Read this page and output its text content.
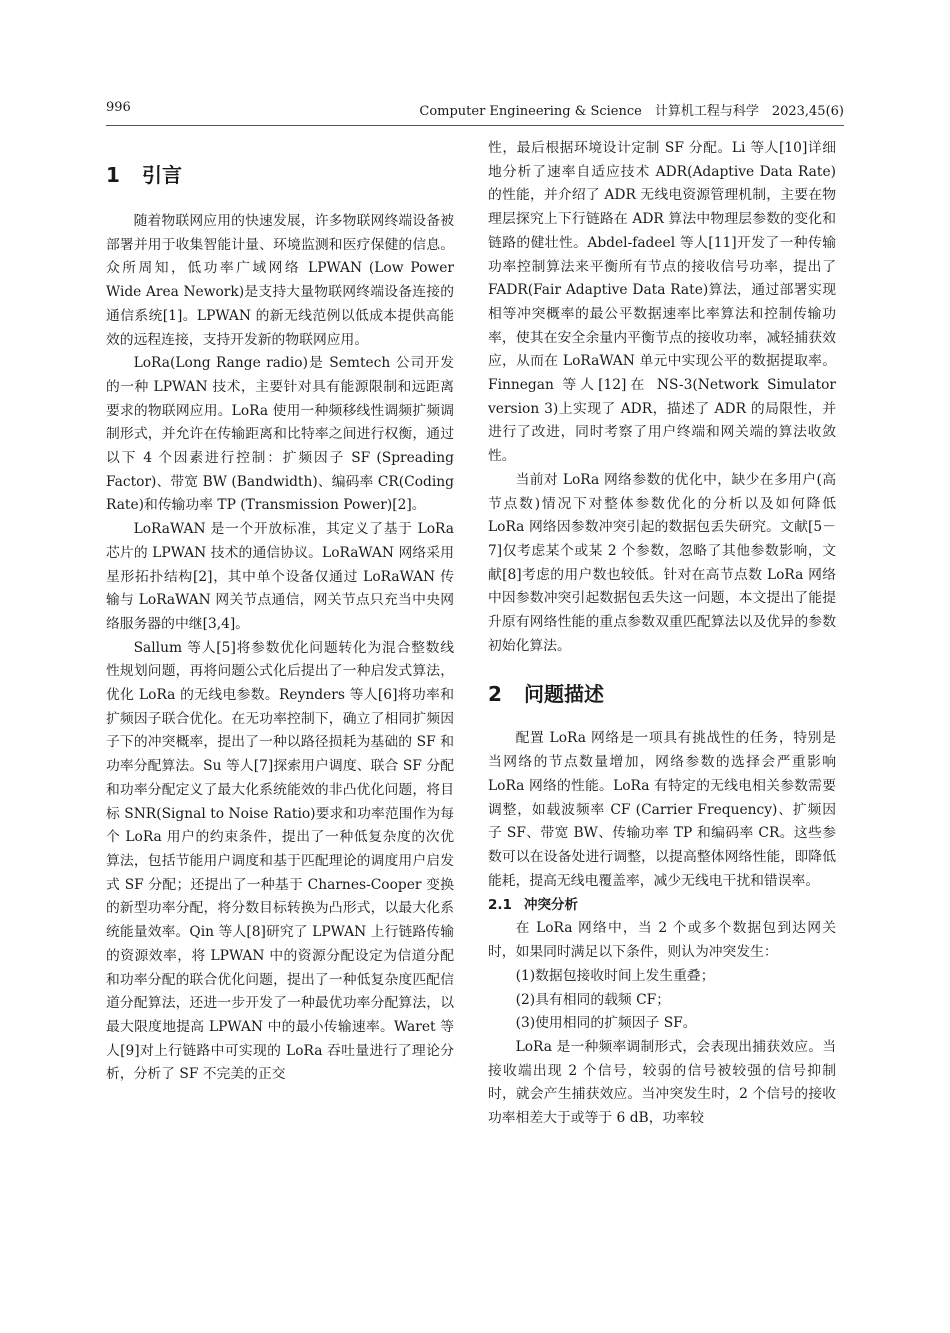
996	Computer Engineering & Science　计算机工程与科学　2023,45(6)
1 引言

随着物联网应用的快速发展，许多物联网终端设备被部署并用于收集智能计量、环境监测和医疗保健的信息。众所周知，低功率广域网络 LPWAN (Low Power Wide Area Nework)是支持大量物联网终端设备连接的通信系统[1]。LPWAN 的新无线范例以低成本提供高能效的远程连接，支持开发新的物联网应用。

LoRa(Long Range radio)是 Semtech 公司开发的一种 LPWAN 技术，主要针对具有能源限制和远距离要求的物联网应用。LoRa 使用一种频移线性调频扩频调制形式，并允许在传输距离和比特率之间进行权衡，通过以下 4 个因素进行控制：扩频因子 SF (Spreading Factor)、带宽 BW (Bandwidth)、编码率 CR(Coding Rate)和传输功率 TP (Transmission Power)[2]。

LoRaWAN 是一个开放标准，其定义了基于 LoRa 芯片的 LPWAN 技术的通信协议。LoRaWAN 网络采用星形拓扑结构[2]，其中单个设备仅通过 LoRaWAN 传输与 LoRaWAN 网关节点通信，网关节点只充当中央网络服务器的中继[3,4]。

Sallum 等人[5]将参数优化问题转化为混合整数线性规划问题，再将问题公式化后提出了一种启发式算法，优化 LoRa 的无线电参数。Reynders 等人[6]将功率和扩频因子联合优化。在无功率控制下，确立了相同扩频因子下的冲突概率，提出了一种以路径损耗为基础的 SF 和功率分配算法。Su 等人[7]探索用户调度、联合 SF 分配和功率分配定义了最大化系统能效的非凸优化问题，将目标 SNR(Signal to Noise Ratio)要求和功率范围作为每个 LoRa 用户的约束条件，提出了一种低复杂度的次优算法，包括节能用户调度和基于匹配理论的调度用户启发式 SF 分配；还提出了一种基于 Charnes-Cooper 变换的新型功率分配，将分数目标转换为凸形式，以最大化系统能量效率。Qin 等人[8]研究了 LPWAN 上行链路传输的资源效率，将 LPWAN 中的资源分配设定为信道分配和功率分配的联合优化问题，提出了一种低复杂度匹配信道分配算法，还进一步开发了一种最优功率分配算法，以最大限度地提高 LPWAN 中的最小传输速率。Waret 等人[9]对上行链路中可实现的 LoRa 吞吐量进行了理论分析，分析了 SF 不完美的正交

性，最后根据环境设计定制 SF 分配。Li 等人[10]详细地分析了速率自适应技术 ADR(Adaptive Data Rate)的性能，并介绍了 ADR 无线电资源管理机制，主要在物理层探究上下行链路在 ADR 算法中物理层参数的变化和链路的健壮性。Abdel-fadeel 等人[11]开发了一种传输功率控制算法来平衡所有节点的接收信号功率，提出了 FADR(Fair Adaptive Data Rate)算法，通过部署实现相等冲突概率的最公平数据速率比率算法和控制传输功率，使其在安全余量内平衡节点的接收功率，减轻捕获效应，从而在 LoRaWAN 单元中实现公平的数据提取率。Finnegan 等人[12]在 NS-3(Network Simulator version 3)上实现了 ADR，描述了 ADR 的局限性，并进行了改进，同时考察了用户终端和网关端的算法收敛性。

当前对 LoRa 网络参数的优化中，缺少在多用户(高节点数)情况下对整体参数优化的分析以及如何降低 LoRa 网络因参数冲突引起的数据包丢失研究。文献[5－7]仅考虑某个或某 2 个参数，忽略了其他参数影响，文献[8]考虑的用户数也较低。针对在高节点数 LoRa 网络中因参数冲突引起数据包丢失这一问题，本文提出了能提升原有网络性能的重点参数双重匹配算法以及优异的参数初始化算法。

2 问题描述

配置 LoRa 网络是一项具有挑战性的任务，特别是当网络的节点数量增加，网络参数的选择会严重影响 LoRa 网络的性能。LoRa 有特定的无线电相关参数需要调整，如载波频率 CF (Carrier Frequency)、扩频因子 SF、带宽 BW、传输功率 TP 和编码率 CR。这些参数可以在设备处进行调整，以提高整体网络性能，即降低能耗，提高无线电覆盖率，减少无线电干扰和错误率。

2.1 冲突分析

在 LoRa 网络中，当 2 个或多个数据包到达网关时，如果同时满足以下条件，则认为冲突发生：

(1)数据包接收时间上发生重叠；

(2)具有相同的载频 CF；

(3)使用相同的扩频因子 SF。

LoRa 是一种频率调制形式，会表现出捕获效应。当接收端出现 2 个信号，较弱的信号被较强的信号抑制时，就会产生捕获效应。当冲突发生时，2 个信号的接收功率相差大于或等于 6 dB，功率较
